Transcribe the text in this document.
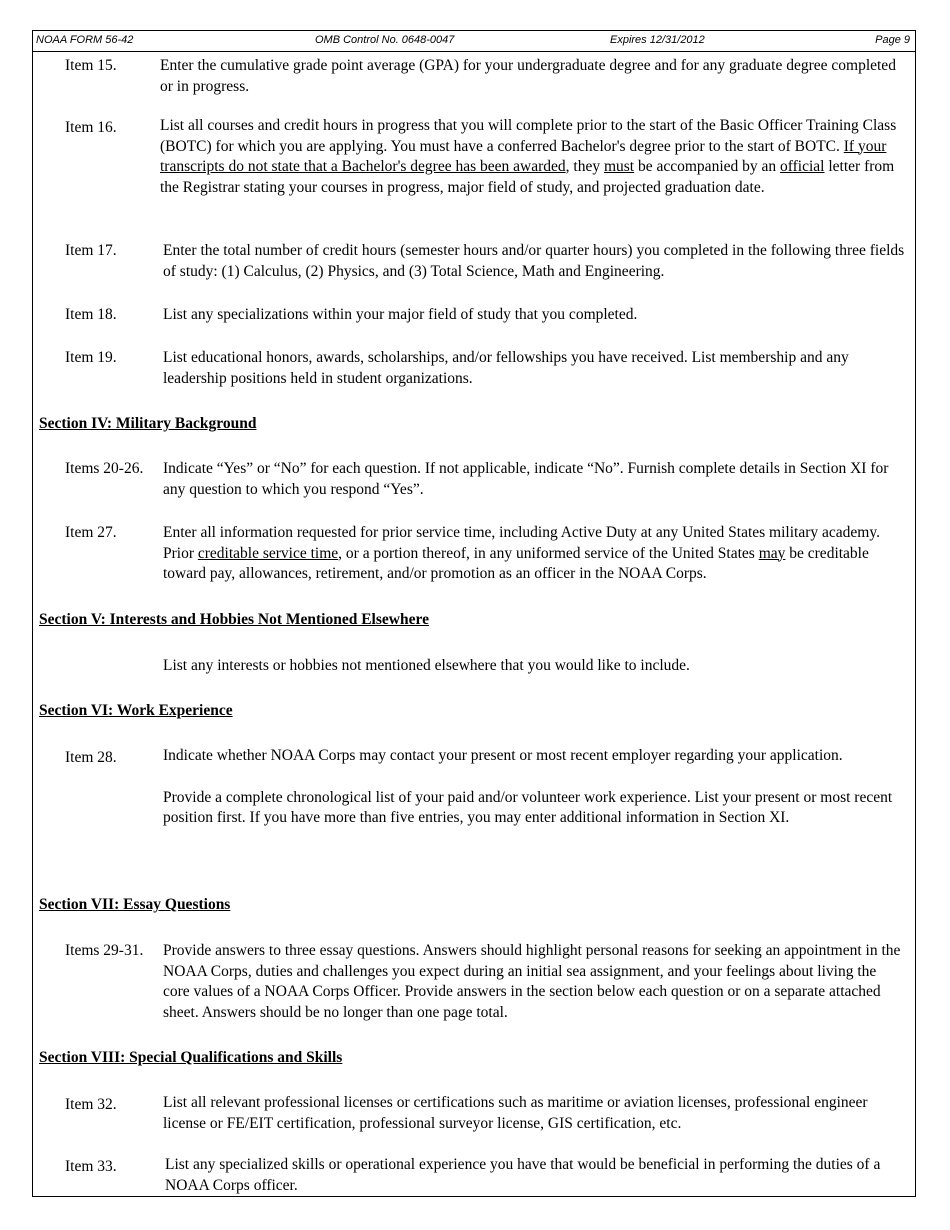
NOAA FORM 56-42	OMB Control No. 0648-0047	Expires 12/31/2012	Page 9
Item 15.	Enter the cumulative grade point average (GPA) for your undergraduate degree and for any graduate degree completed or in progress.

Item 16.	List all courses and credit hours in progress that you will complete prior to the start of the Basic Officer Training Class (BOTC) for which you are applying. You must have a conferred Bachelor's degree prior to the start of BOTC. If your transcripts do not state that a Bachelor's degree has been awarded, they must be accompanied by an official letter from the Registrar stating your courses in progress, major field of study, and projected graduation date.

Item 17.	Enter the total number of credit hours (semester hours and/or quarter hours) you completed in the following three fields of study: (1) Calculus, (2) Physics, and (3) Total Science, Math and Engineering.

Item 18.	List any specializations within your major field of study that you completed.

Item 19.	List educational honors, awards, scholarships, and/or fellowships you have received. List membership and any leadership positions held in student organizations.

Section IV: Military Background
Items 20-26. Indicate “Yes” or “No” for each question. If not applicable, indicate “No”. Furnish complete details in Section XI for any question to which you respond “Yes”.

Item 27.	Enter all information requested for prior service time, including Active Duty at any United States military academy. Prior creditable service time, or a portion thereof, in any uniformed service of the United States may be creditable toward pay, allowances, retirement, and/or promotion as an officer in the NOAA Corps.

Section V: Interests and Hobbies Not Mentioned Elsewhere

List any interests or hobbies not mentioned elsewhere that you would like to include.

Section VI: Work Experience
Item 28.	Indicate whether NOAA Corps may contact your present or most recent employer regarding your application.

Provide a complete chronological list of your paid and/or volunteer work experience. List your present or most recent position first. If you have more than five entries, you may enter additional information in Section XI.

Section VII: Essay Questions
Items 29-31. Provide answers to three essay questions. Answers should highlight personal reasons for seeking an appointment in the NOAA Corps, duties and challenges you expect during an initial sea assignment, and your feelings about living the core values of a NOAA Corps Officer. Provide answers in the section below each question or on a separate attached sheet. Answers should be no longer than one page total.

Section VIII: Special Qualifications and Skills
Item 32.	List all relevant professional licenses or certifications such as maritime or aviation licenses, professional engineer license or FE/EIT certification, professional surveyor license, GIS certification, etc.

Item 33.	List any specialized skills or operational experience you have that would be beneficial in performing the duties of a NOAA Corps officer.
